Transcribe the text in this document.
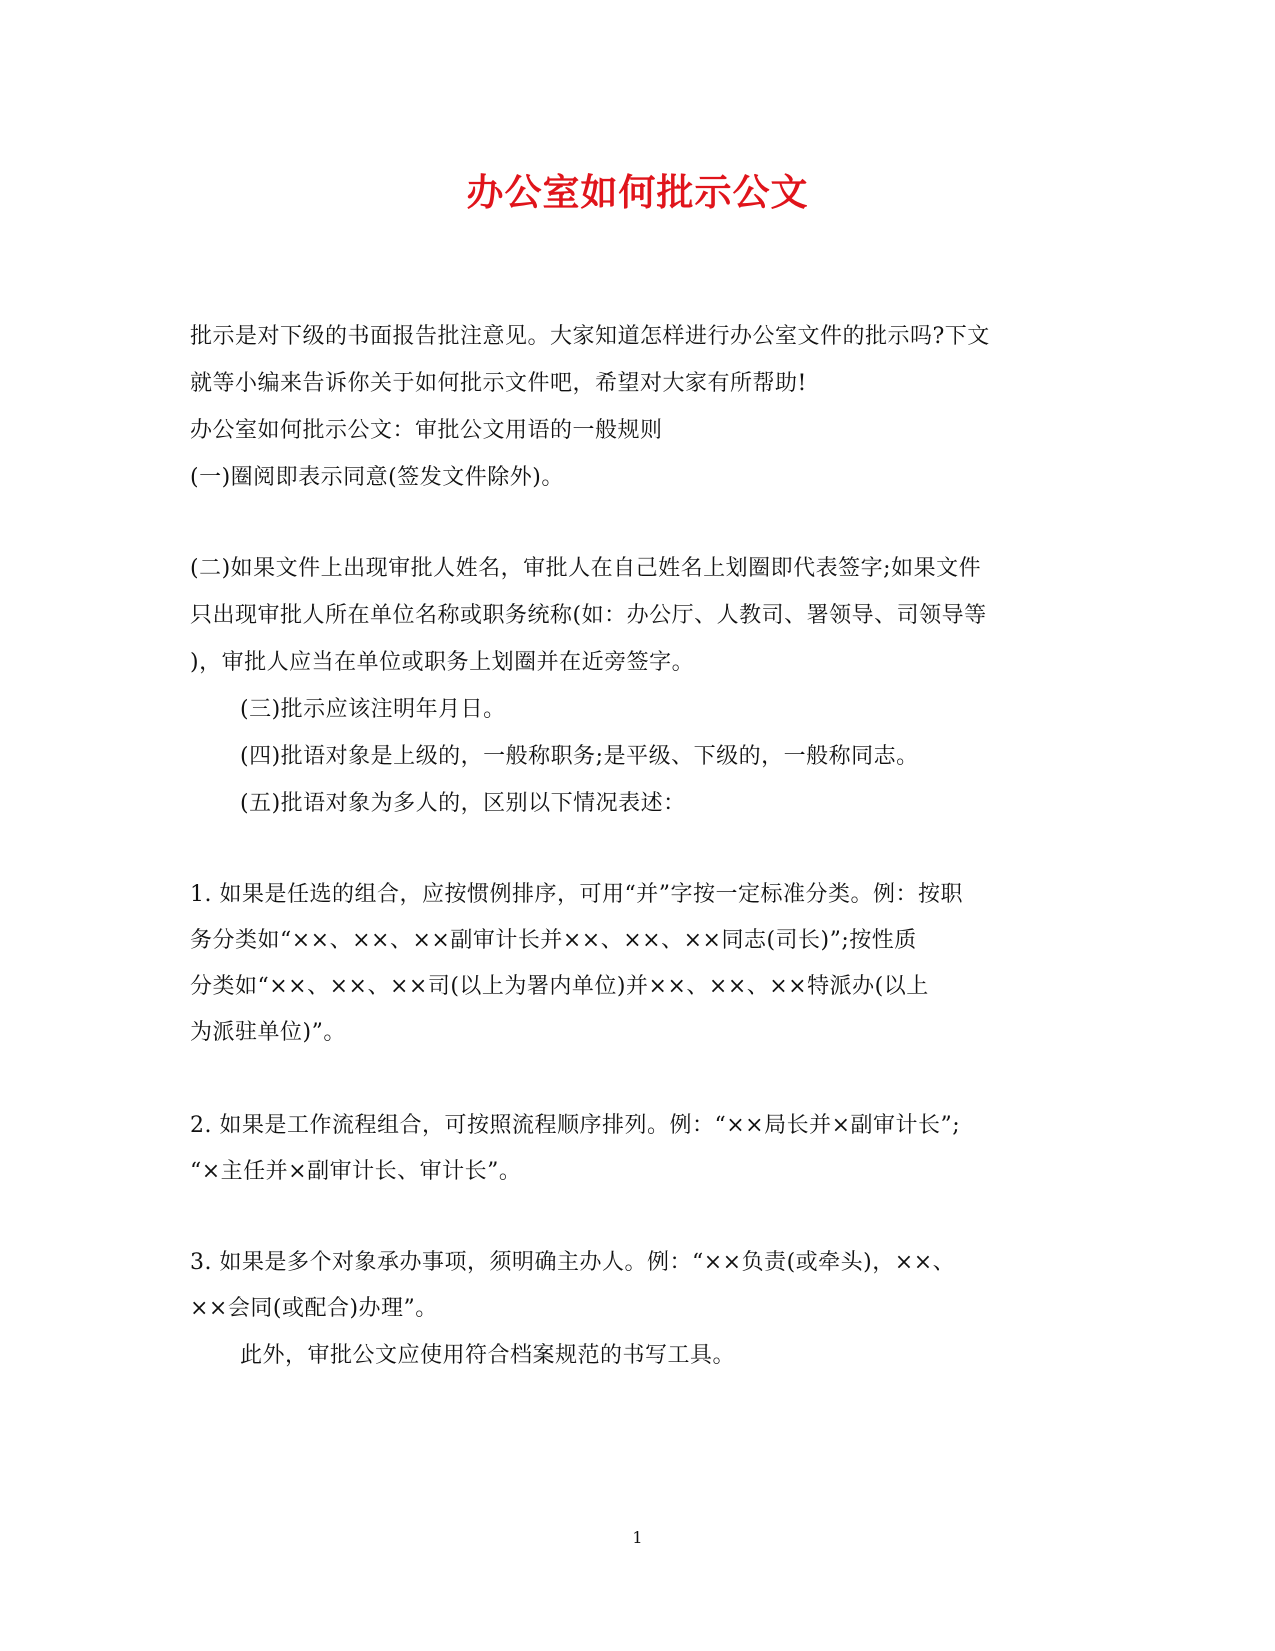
办公室如何批示公文
批示是对下级的书面报告批注意见。大家知道怎样进行办公室文件的批示吗?下文
就等小编来告诉你关于如何批示文件吧，希望对大家有所帮助!
办公室如何批示公文：审批公文用语的一般规则
(一)圈阅即表示同意(签发文件除外)。
(二)如果文件上出现审批人姓名，审批人在自己姓名上划圈即代表签字;如果文件
只出现审批人所在单位名称或职务统称(如：办公厅、人教司、署领导、司领导等
)，审批人应当在单位或职务上划圈并在近旁签字。
(三)批示应该注明年月日。
(四)批语对象是上级的，一般称职务;是平级、下级的，一般称同志。
(五)批语对象为多人的，区别以下情况表述：
1. 如果是任选的组合，应按惯例排序，可用“并”字按一定标准分类。例：按职
务分类如“××、××、××副审计长并××、××、××同志(司长)”;按性质
分类如“××、××、××司(以上为署内单位)并××、××、××特派办(以上
为派驻单位)”。
2. 如果是工作流程组合，可按照流程顺序排列。例：“××局长并×副审计长”;
“×主任并×副审计长、审计长”。
3. 如果是多个对象承办事项，须明确主办人。例：“××负责(或牵头)，××、
××会同(或配合)办理”。
此外，审批公文应使用符合档案规范的书写工具。
1
